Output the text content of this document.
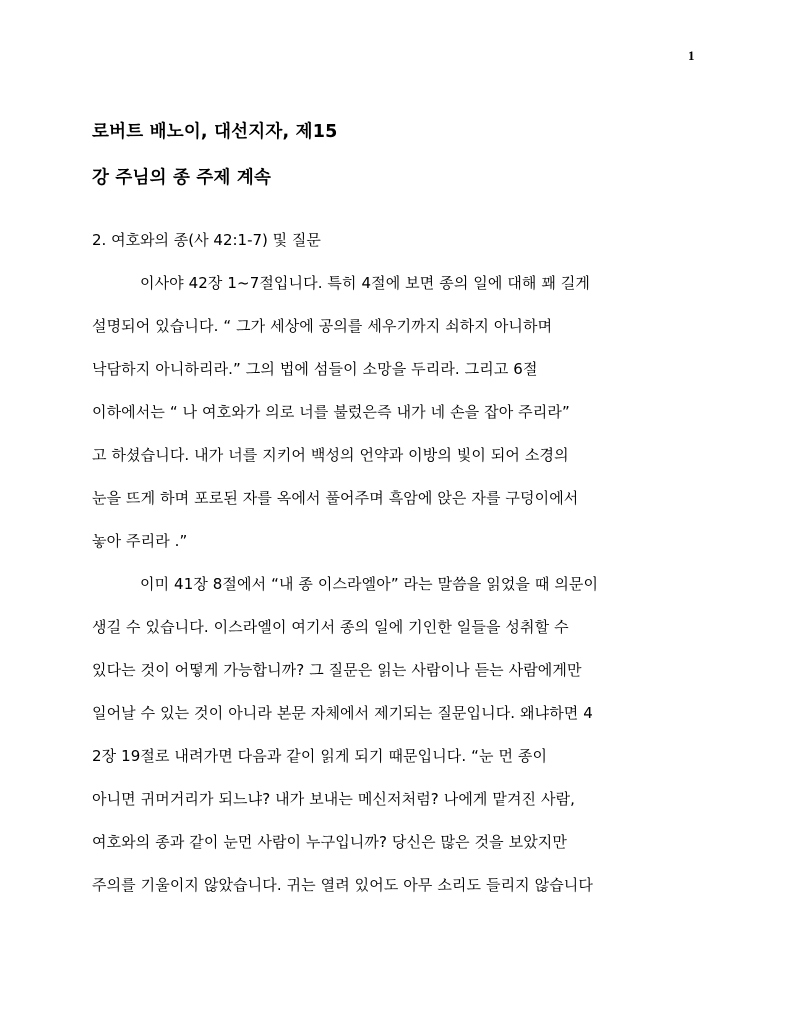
1
로버트 배노이, 대선지자, 제15
강 주님의 종 주제 계속
2. 여호와의 종(사 42:1-7) 및 질문
이사야 42장 1~7절입니다. 특히 4절에 보면 종의 일에 대해 꽤 길게
설명되어 있습니다. “ 그가 세상에 공의를 세우기까지 쇠하지 아니하며
낙담하지 아니하리라.” 그의 법에 섬들이 소망을 두리라. 그리고 6절
이하에서는 “ 나 여호와가 의로 너를 불렀은즉 내가 네 손을 잡아 주리라”
고 하셨습니다. 내가 너를 지키어 백성의 언약과 이방의 빛이 되어 소경의
눈을 뜨게 하며 포로된 자를 옥에서 풀어주며 흑암에 앉은 자를 구덩이에서
놓아 주리라 .”
이미 41장 8절에서 “내 종 이스라엘아” 라는 말씀을 읽었을 때 의문이
생길 수 있습니다. 이스라엘이 여기서 종의 일에 기인한 일들을 성취할 수
있다는 것이 어떻게 가능합니까? 그 질문은 읽는 사람이나 듣는 사람에게만
일어날 수 있는 것이 아니라 본문 자체에서 제기되는 질문입니다. 왜냐하면 4
2장 19절로 내려가면 다음과 같이 읽게 되기 때문입니다. “눈 먼 종이
아니면 귀머거리가 되느냐? 내가 보내는 메신저처럼? 나에게 맡겨진 사람,
여호와의 종과 같이 눈먼 사람이 누구입니까? 당신은 많은 것을 보았지만
주의를 기울이지 않았습니다. 귀는 열려 있어도 아무 소리도 들리지 않습니다
